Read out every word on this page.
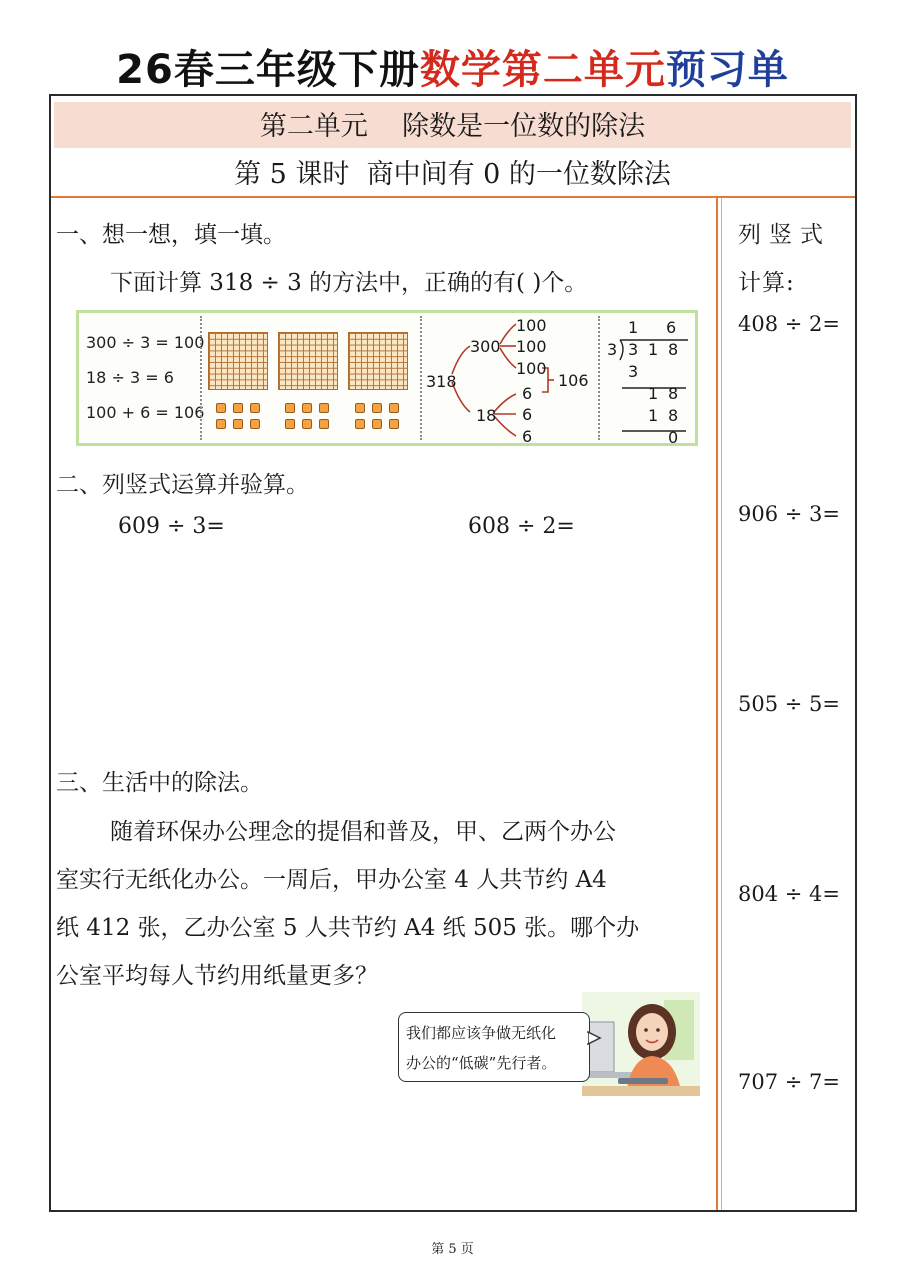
26春三年级下册数学第二单元预习单
第二单元    除数是一位数的除法
第 5 课时  商中间有 0 的一位数除法
一、想一想，填一填。
下面计算 318 ÷ 3 的方法中，正确的有( )个。
300 ÷ 3 = 100
18 ÷ 3 = 6
100 + 6 = 106
318
300
18
100
100
100
6
6
6
106
1 6
3 3 1 8
3
1 8
1 8
0
二、列竖式运算并验算。
609 ÷ 3=	608 ÷ 2=
三、生活中的除法。
随着环保办公理念的提倡和普及，甲、乙两个办公
室实行无纸化办公。一周后，甲办公室 4 人共节约 A4
纸 412 张，乙办公室 5 人共节约 A4 纸 505 张。哪个办
公室平均每人节约用纸量更多？
我们都应该争做无纸化
办公的“低碳”先行者。
列竖式
计算:
408 ÷ 2=
906 ÷ 3=
505 ÷ 5=
804 ÷ 4=
707 ÷ 7=
第 5 页
